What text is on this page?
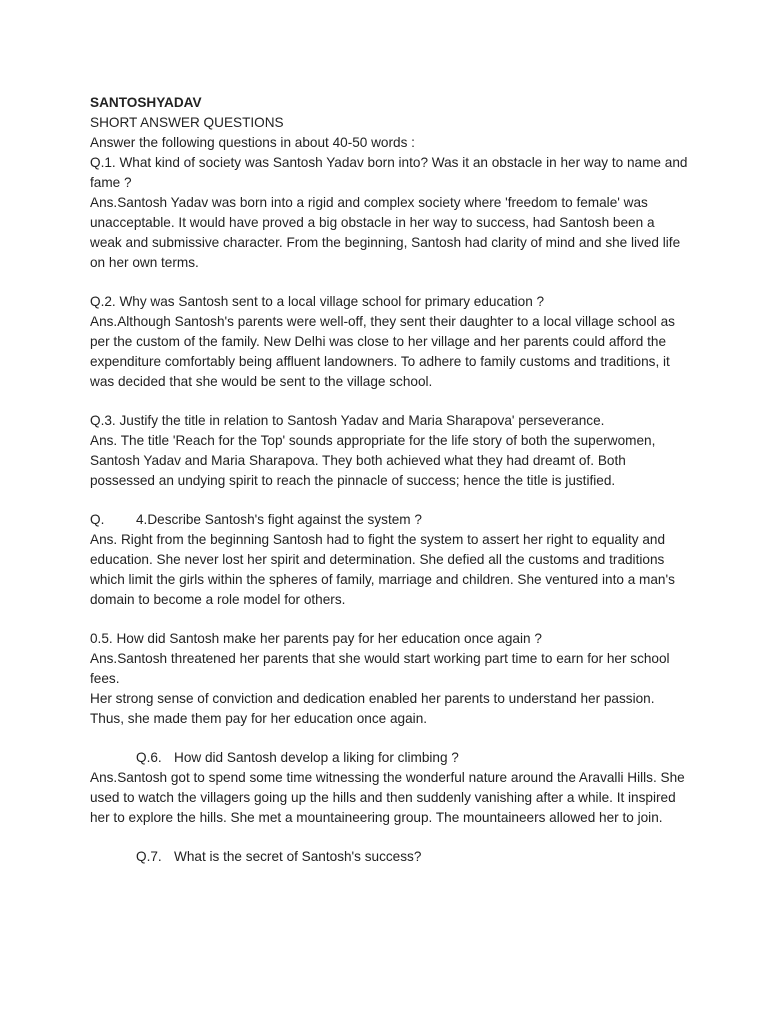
SANTOSHYADAV

SHORT ANSWER QUESTIONS

Answer the following questions in about 40-50 words :

Q.1. What kind of society was Santosh Yadav born into? Was it an obstacle in her way to name and fame ?

Ans.Santosh Yadav was born into a rigid and complex society where 'freedom to female' was unacceptable. It would have proved a big obstacle in her way to success, had Santosh been a weak and submissive character. From the beginning, Santosh had clarity of mind and she lived life on her own terms.

Q.2. Why was Santosh sent to a local village school for primary education ?

Ans.Although Santosh's parents were well-off, they sent their daughter to a local village school as per the custom of the family. New Delhi was close to her village and her parents could afford the expenditure comfortably being affluent landowners. To adhere to family customs and traditions, it was decided that she would be sent to the village school.

Q.3. Justify the title in relation to Santosh Yadav and Maria Sharapova' perseverance.

Ans. The title 'Reach for the Top' sounds appropriate for the life story of both the superwomen, Santosh Yadav and Maria Sharapova. They both achieved what they had dreamt of. Both possessed an undying spirit to reach the pinnacle of success; hence the title is justified.

Q. 4.Describe Santosh's fight against the system ?

Ans. Right from the beginning Santosh had to fight the system to assert her right to equality and education. She never lost her spirit and determination. She defied all the customs and traditions which limit the girls within the spheres of family, marriage and children. She ventured into a man's domain to become a role model for others.

0.5. How did Santosh make her parents pay for her education once again ?

Ans.Santosh threatened her parents that she would start working part time to earn for her school fees.

Her strong sense of conviction and dedication enabled her parents to understand her passion. Thus, she made them pay for her education once again.

Q.6. How did Santosh develop a liking for climbing ?

Ans.Santosh got to spend some time witnessing the wonderful nature around the Aravalli Hills. She used to watch the villagers going up the hills and then suddenly vanishing after a while. It inspired her to explore the hills. She met a mountaineering group. The mountaineers allowed her to join.

Q.7. What is the secret of Santosh's success?
